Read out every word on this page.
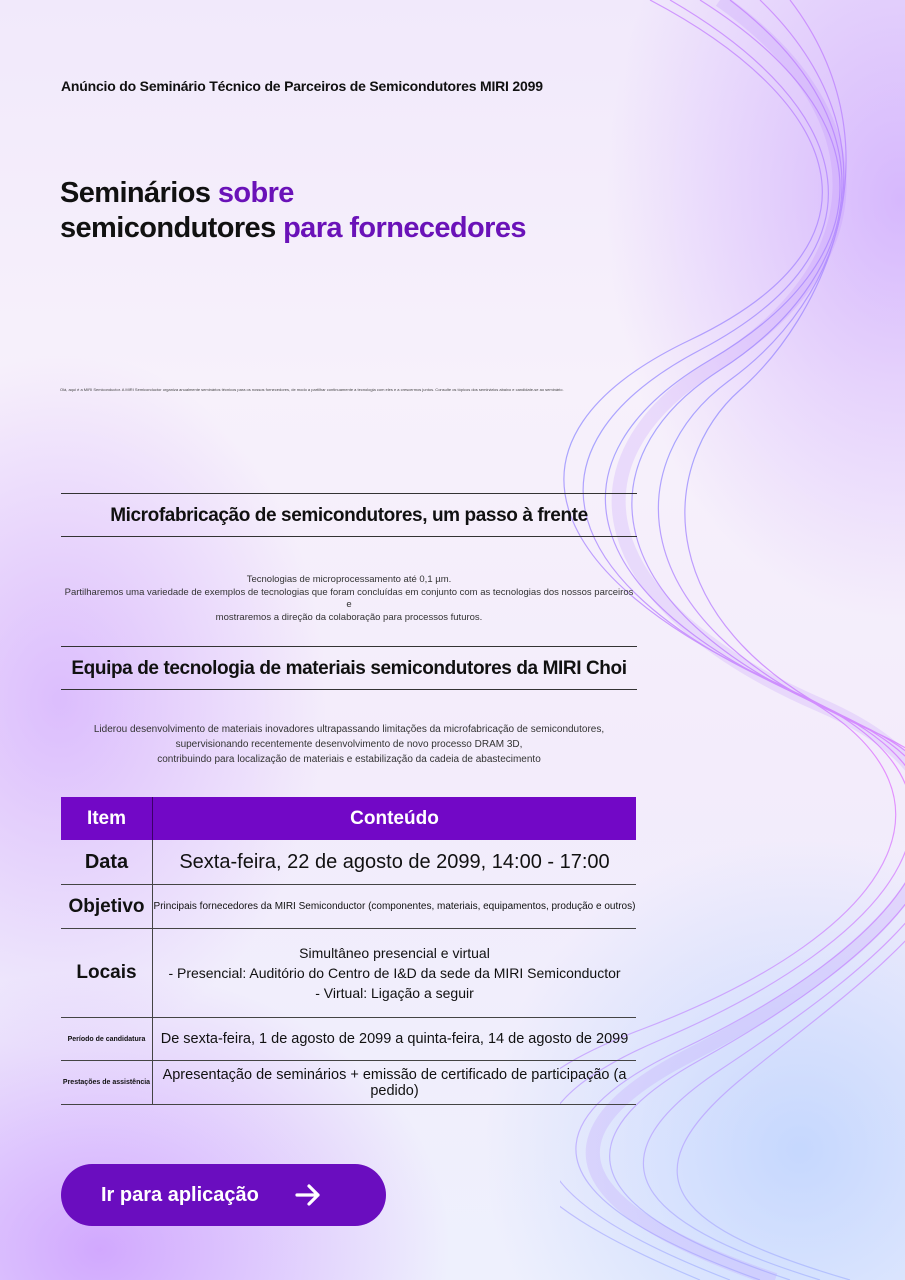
Anúncio do Seminário Técnico de Parceiros de Semicondutores MIRI 2099
Seminários sobre
semicondutores para fornecedores
Olá, aqui é a MIRI Semiconductor. A MIRI Semiconductor organiza anualmente seminários técnicos para os nossos fornecedores, de modo a partilhar continuamente a tecnologia com eles e a crescermos juntos. Consulte os tópicos dos seminários abaixo e candidate-se ao seminário.
Microfabricação de semicondutores, um passo à frente
Tecnologias de microprocessamento até 0,1 µm.
Partilharemos uma variedade de exemplos de tecnologias que foram concluídas em conjunto com as tecnologias dos nossos parceiros e
mostraremos a direção da colaboração para processos futuros.
Equipa de tecnologia de materiais semicondutores da MIRI Choi
Liderou desenvolvimento de materiais inovadores ultrapassando limitações da microfabricação de semicondutores,
supervisionando recentemente desenvolvimento de novo processo DRAM 3D,
contribuindo para localização de materiais e estabilização da cadeia de abastecimento
Item	Conteúdo
Data	Sexta-feira, 22 de agosto de 2099, 14:00 - 17:00
Objetivo	Principais fornecedores da MIRI Semiconductor (componentes, materiais, equipamentos, produção e outros)
Locais	Simultâneo presencial e virtual
- Presencial: Auditório do Centro de I&D da sede da MIRI Semiconductor
- Virtual: Ligação a seguir

Período de candidatura	De sexta-feira, 1 de agosto de 2099 a quinta-feira, 14 de agosto de 2099
Prestações de assistência	Apresentação de seminários + emissão de certificado de participação (a pedido)
Ir para aplicação
